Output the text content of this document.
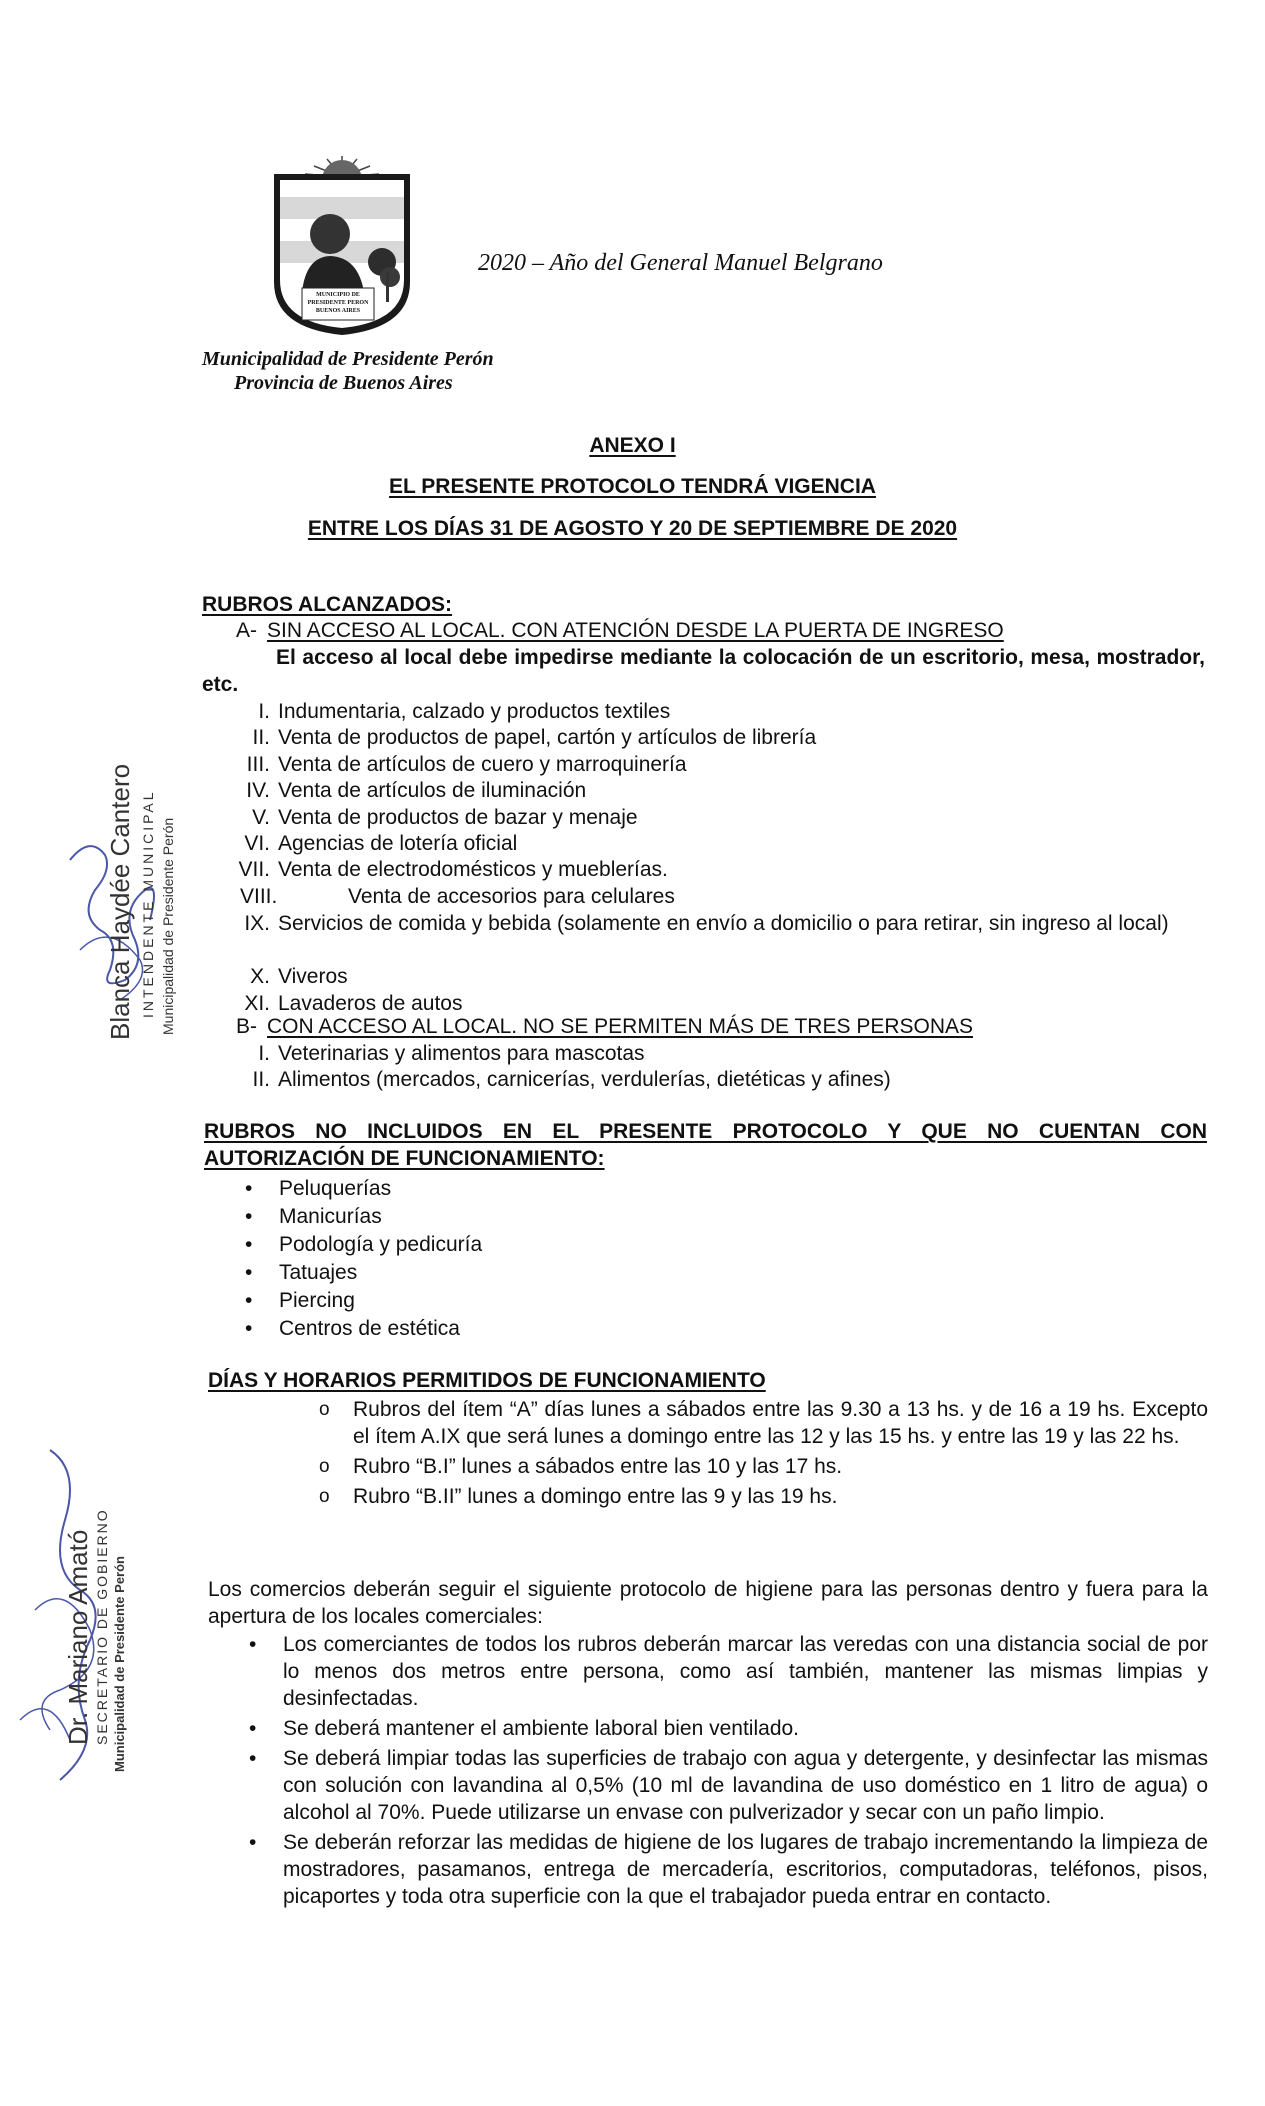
MUNICIPIO DE PRESIDENTE PERON
BUENOS AIRES
2020 – Año del General Manuel Belgrano
Municipalidad de Presidente Perón
Provincia de Buenos Aires
ANEXO I
EL PRESENTE PROTOCOLO TENDRÁ VIGENCIA
ENTRE LOS DÍAS 31 DE AGOSTO Y 20 DE SEPTIEMBRE DE 2020
RUBROS ALCANZADOS:
A- SIN ACCESO AL LOCAL. CON ATENCIÓN DESDE LA PUERTA DE INGRESO
El acceso al local debe impedirse mediante la colocación de un escritorio, mesa, mostrador, etc.
I. Indumentaria, calzado y productos textiles
II. Venta de productos de papel, cartón y artículos de librería
III. Venta de artículos de cuero y marroquinería
IV. Venta de artículos de iluminación
V. Venta de productos de bazar y menaje
VI. Agencias de lotería oficial
VII. Venta de electrodomésticos y mueblerías.
VIII.	Venta de accesorios para celulares
IX. Servicios de comida y bebida (solamente en envío a domicilio o para retirar, sin ingreso al local)
X. Viveros
XI. Lavaderos de autos
B- CON ACCESO AL LOCAL. NO SE PERMITEN MÁS DE TRES PERSONAS
I. Veterinarias y alimentos para mascotas
II. Alimentos (mercados, carnicerías, verdulerías, dietéticas y afines)
RUBROS NO INCLUIDOS EN EL PRESENTE PROTOCOLO Y QUE NO CUENTAN CON AUTORIZACIÓN DE FUNCIONAMIENTO:
Peluquerías
Manicurías
Podología y pedicuría
Tatuajes
Piercing
Centros de estética
DÍAS Y HORARIOS PERMITIDOS DE FUNCIONAMIENTO
Rubros del ítem “A” días lunes a sábados entre las 9.30 a 13 hs. y de 16 a 19 hs. Excepto el ítem A.IX que será lunes a domingo entre las 12 y las 15 hs. y entre las 19 y las 22 hs.
Rubro “B.I” lunes a sábados entre las 10 y las 17 hs.
Rubro “B.II” lunes a domingo entre las 9 y las 19 hs.
Los comercios deberán seguir el siguiente protocolo de higiene para las personas dentro y fuera para la apertura de los locales comerciales:
Los comerciantes de todos los rubros deberán marcar las veredas con una distancia social de por lo menos dos metros entre persona, como así también, mantener las mismas limpias y desinfectadas.
Se deberá mantener el ambiente laboral bien ventilado.
Se deberá limpiar todas las superficies de trabajo con agua y detergente, y desinfectar las mismas con solución con lavandina al 0,5% (10 ml de lavandina de uso doméstico en 1 litro de agua) o alcohol al 70%. Puede utilizarse un envase con pulverizador y secar con un paño limpio.
Se deberán reforzar las medidas de higiene de los lugares de trabajo incrementando la limpieza de mostradores, pasamanos, entrega de mercadería, escritorios, computadoras, teléfonos, pisos, picaportes y toda otra superficie con la que el trabajador pueda entrar en contacto.
Blanca Haydée Cantero INTENDENTE MUNICIPAL Municipalidad de Presidente Perón
Dr. Mariano Amató SECRETARIO DE GOBIERNO Municipalidad de Presidente Perón
